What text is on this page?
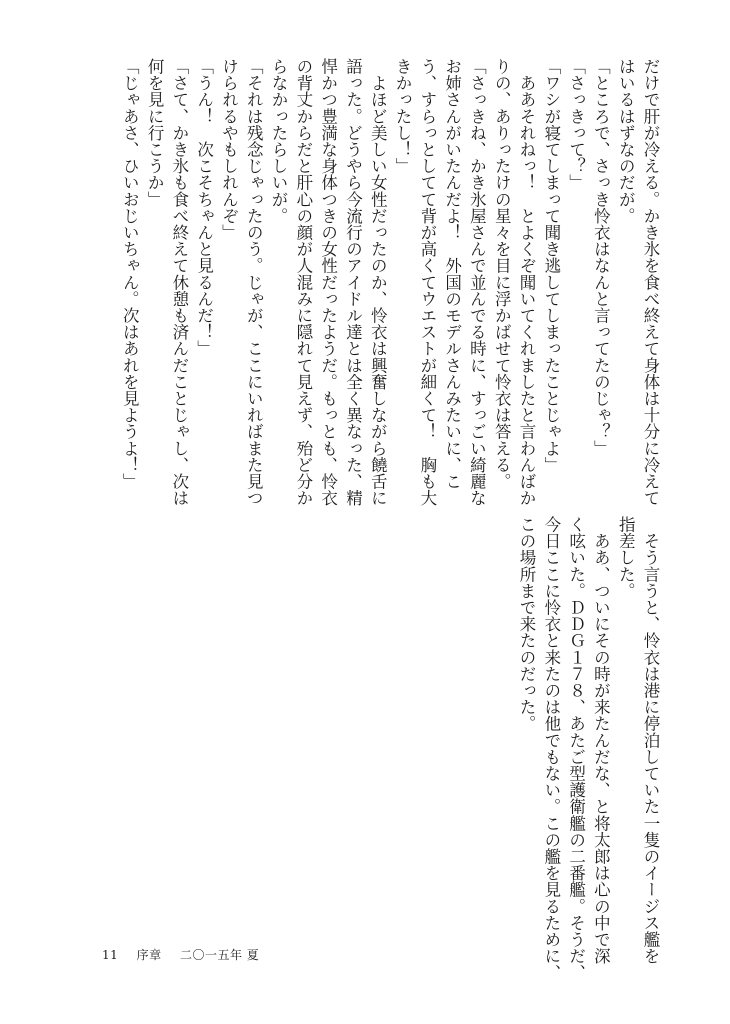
だけで肝が冷える。かき氷を食べ終えて身体は十分に冷えて
はいるはずなのだが。
「ところで、さっき怜衣はなんと言ってたのじゃ？」
「さっきって？」
「ワシが寝てしまって聞き逃してしまったことじゃよ」
　ああそれねっ！　とよくぞ聞いてくれましたと言わんばか
りの、ありったけの星々を目に浮かばせて怜衣は答える。
「さっきね、かき氷屋さんで並んでる時に、すっごい綺麗な
お姉さんがいたんだよ！　外国のモデルさんみたいに、こ
う、すらっとしてて背が高くてウエストが細くて！　胸も大
きかったし！」
　よほど美しい女性だったのか、怜衣は興奮しながら饒舌に
語った。どうやら今流行のアイドル達とは全く異なった、精
悍かつ豊満な身体つきの女性だったようだ。もっとも、怜衣
の背丈からだと肝心の顔が人混みに隠れて見えず、殆ど分か
らなかったらしいが。
「それは残念じゃったのう。じゃが、ここにいればまた見つ
けられるやもしれんぞ」
「うん！　次こそちゃんと見るんだ！」
「さて、かき氷も食べ終えて休憩も済んだことじゃし、次は
何を見に行こうか」
「じゃあさ、ひいおじいちゃん。次はあれを見ようよ！」
　そう言うと、怜衣は港に停泊していた一隻のイージス艦を
指差した。
　ああ、ついにその時が来たんだな、と将太郎は心の中で深
く呟いた。ＤＤＧ１７８、あたご型護衛艦の二番艦。そうだ、
今日ここに怜衣と来たのは他でもない。この艦を見るために、
この場所まで来たのだった。
11 序章 二〇一五年 夏
